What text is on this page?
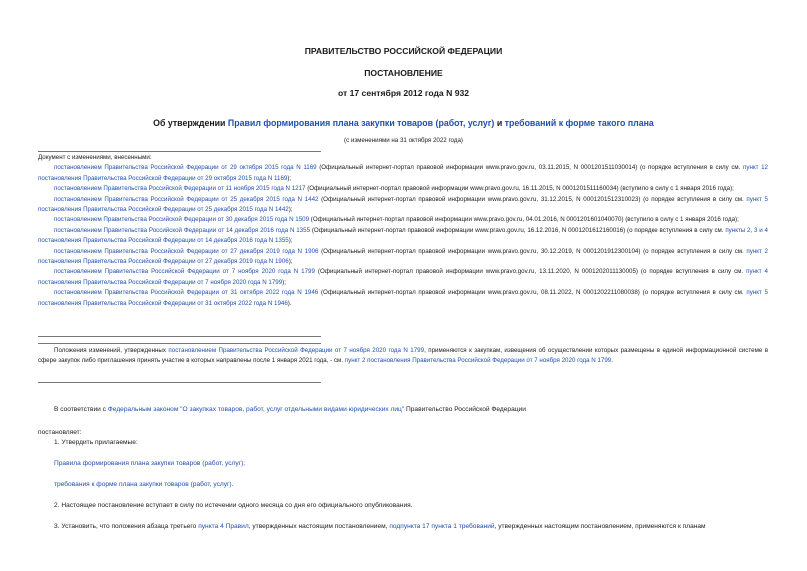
ПРАВИТЕЛЬСТВО РОССИЙСКОЙ ФЕДЕРАЦИИ

ПОСТАНОВЛЕНИЕ

от 17 сентября 2012 года N 932

Об утверждении Правил формирования плана закупки товаров (работ, услуг) и требований к форме такого плана

(с изменениями на 31 октября 2022 года)

Документ с изменениями, внесенными:

постановлением Правительства Российской Федерации от 29 октября 2015 года N 1169 (Официальный интернет-портал правовой информации www.pravo.gov.ru, 03.11.2015, N 0001201511030014) (о порядке вступления в силу см. пункт 12 постановления Правительства Российской Федерации от 29 октября 2015 года N 1169);

постановлением Правительства Российской Федерации от 11 ноября 2015 года N 1217 (Официальный интернет-портал правовой информации www.pravo.gov.ru, 16.11.2015, N 0001201511160034) (вступило в силу с 1 января 2016 года);

постановлением Правительства Российской Федерации от 25 декабря 2015 года N 1442 (Официальный интернет-портал правовой информации www.pravo.gov.ru, 31.12.2015, N 0001201512310023) (о порядке вступления в силу см. пункт 5 постановления Правительства Российской Федерации от 25 декабря 2015 года N 1442);

постановлением Правительства Российской Федерации от 30 декабря 2015 года N 1509 (Официальный интернет-портал правовой информации www.pravo.gov.ru, 04.01.2016, N 0001201601040070) (вступило в силу с 1 января 2016 года);

постановлением Правительства Российской Федерации от 14 декабря 2016 года N 1355 (Официальный интернет-портал правовой информации www.pravo.gov.ru, 16.12.2016, N 0001201612160016) (о порядке вступления в силу см. пункты 2, 3 и 4 постановления Правительства Российской Федерации от 14 декабря 2016 года N 1355);

постановлением Правительства Российской Федерации от 27 декабря 2019 года N 1906 (Официальный интернет-портал правовой информации www.pravo.gov.ru, 30.12.2019, N 0001201912300104) (о порядке вступления в силу см. пункт 2 постановления Правительства Российской Федерации от 27 декабря 2019 года N 1906);

постановлением Правительства Российской Федерации от 7 ноября 2020 года N 1799 (Официальный интернет-портал правовой информации www.pravo.gov.ru, 13.11.2020, N 0001202011130005) (о порядке вступления в силу см. пункт 4 постановления Правительства Российской Федерации от 7 ноября 2020 года N 1799);

постановлением Правительства Российской Федерации от 31 октября 2022 года N 1946 (Официальный интернет-портал правовой информации www.pravo.gov.ru, 08.11.2022, N 0001202211080038) (о порядке вступления в силу см. пункт 5 постановления Правительства Российской Федерации от 31 октября 2022 года N 1946).

Положения изменений, утвержденных постановлением Правительства Российской Федерации от 7 ноября 2020 года N 1799, применяются к закупкам, извещения об осуществлении которых размещены в единой информационной системе в сфере закупок либо приглашения принять участие в которых направлены после 1 января 2021 года, - см. пункт 2 постановления Правительства Российской Федерации от 7 ноября 2020 года N 1799.

В соответствии с Федеральным законом "О закупках товаров, работ, услуг отдельными видами юридических лиц" Правительство Российской Федерации

постановляет:
1. Утвердить прилагаемые:
Правила формирования плана закупки товаров (работ, услуг);
требования к форме плана закупки товаров (работ, услуг).
2. Настоящее постановление вступает в силу по истечении одного месяца со дня его официального опубликования.
3. Установить, что положения абзаца третьего пункта 4 Правил, утвержденных настоящим постановлением, подпункта 17 пункта 1 требований, утвержденных настоящим постановлением, применяются к планам
